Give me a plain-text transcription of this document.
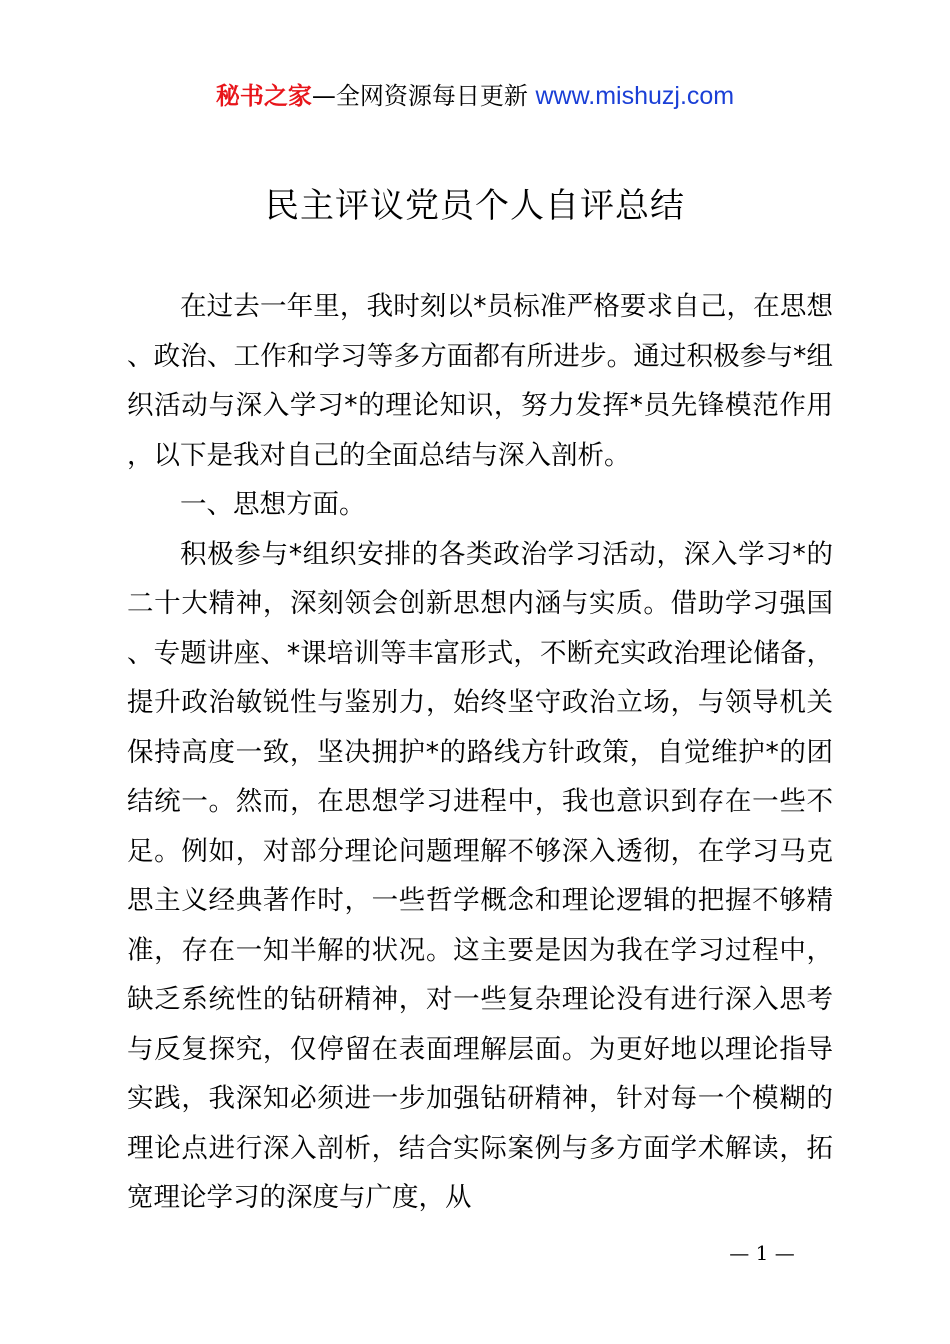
秘书之家—全网资源每日更新 www.mishuzj.com
民主评议党员个人自评总结

在过去一年里，我时刻以*员标准严格要求自己，在思想、政治、工作和学习等多方面都有所进步。通过积极参与*组织活动与深入学习*的理论知识，努力发挥*员先锋模范作用，以下是我对自己的全面总结与深入剖析。

一、思想方面。

积极参与*组织安排的各类政治学习活动，深入学习*的二十大精神，深刻领会创新思想内涵与实质。借助学习强国、专题讲座、*课培训等丰富形式，不断充实政治理论储备，提升政治敏锐性与鉴别力，始终坚守政治立场，与领导机关保持高度一致，坚决拥护*的路线方针政策，自觉维护*的团结统一。然而，在思想学习进程中，我也意识到存在一些不足。例如，对部分理论问题理解不够深入透彻，在学习马克思主义经典著作时，一些哲学概念和理论逻辑的把握不够精准，存在一知半解的状况。这主要是因为我在学习过程中，缺乏系统性的钻研精神，对一些复杂理论没有进行深入思考与反复探究，仅停留在表面理解层面。为更好地以理论指导实践，我深知必须进一步加强钻研精神，针对每一个模糊的理论点进行深入剖析，结合实际案例与多方面学术解读，拓宽理论学习的深度与广度，从

— 1 —
